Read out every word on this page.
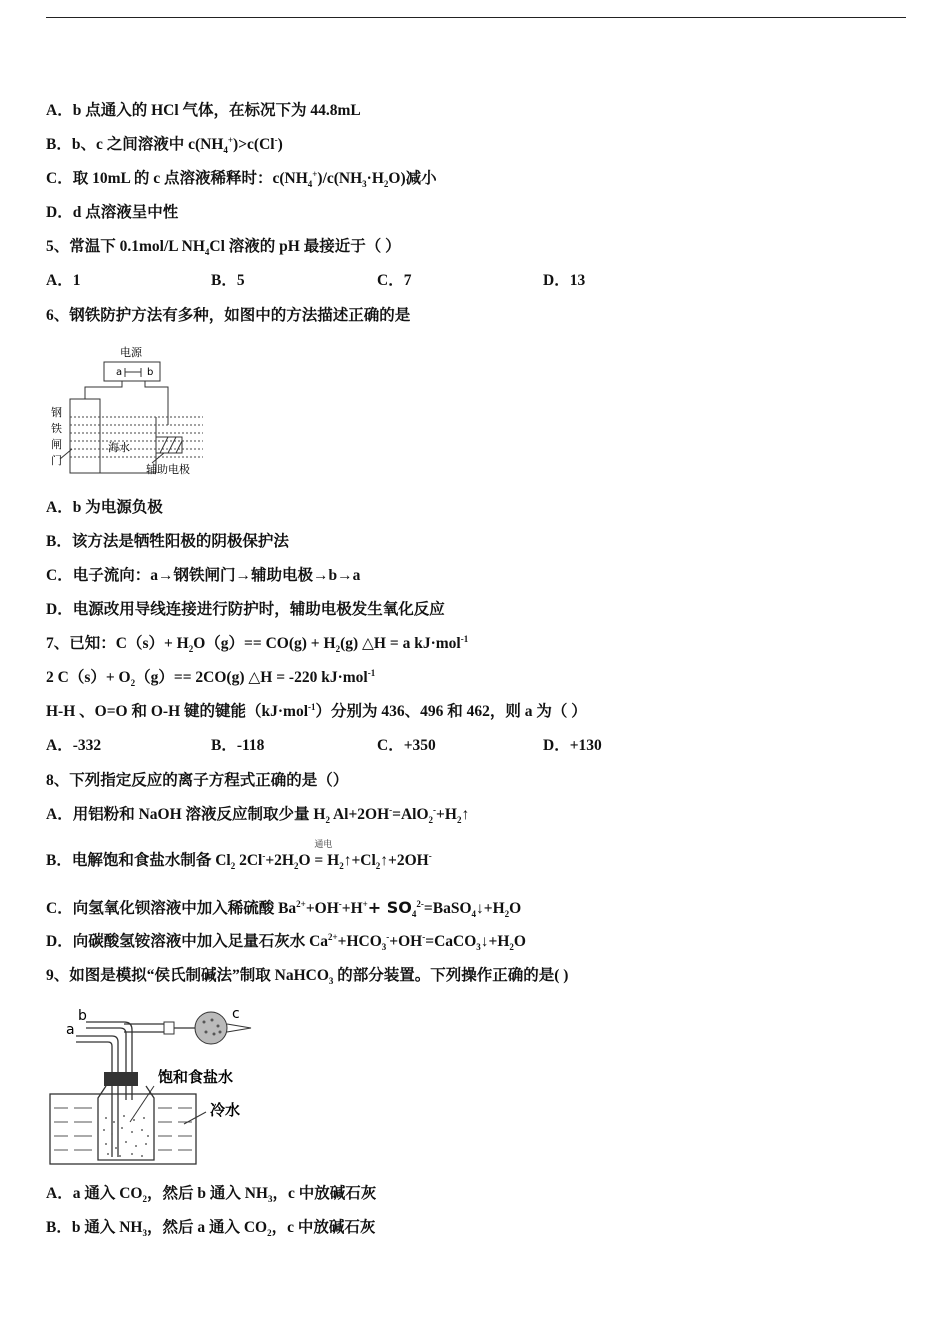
A．b 点通入的 HCl 气体，在标况下为 44.8mL
B．b、c 之间溶液中 $c(NH_4^+)>c(Cl^-)$
C．取 10mL 的 c 点溶液稀释时：$c(NH_4^+)/c(NH_3\cdot H_2O)$减小
D．d 点溶液呈中性
5、常温下 0.1mol/L $NH_4Cl$ 溶液的 pH 最接近于（ ）
A．1	B．5	C．7	D．13
6、钢铁防护方法有多种，如图中的方法描述正确的是
电源
a b
钢
铁
闸
门
海水
辅助电极
A．b 为电源负极
B．该方法是牺牲阳极的阴极保护法
C．电子流向：a→钢铁闸门→辅助电极→b→a
D．电源改用导线连接进行防护时，辅助电极发生氧化反应
7、已知：$C(s)+ H_2O(g)== CO(g) + H_2(g)$ △H = a kJ·mol$^{-1}$
2 $C(s)+ O_2(g)== 2CO(g)$ △H = -220 kJ·mol$^{-1}$
H-H 、O=O 和 O-H 键的键能（kJ·mol$^{-1}$）分别为 436、496 和 462，则 a 为（ ）
A．-332	B．-118	C．+350	D．+130
8、下列指定反应的离子方程式正确的是（）
A．用铝粉和 NaOH 溶液反应制取少量 $H_2$ $Al+2OH^-=AlO_2^-+H_2↑$
B．电解饱和食盐水制备 $Cl_2$ $2Cl^-+2H_2O$
通电
= $H_2↑+Cl_2↑+2OH^-$
C．向氢氧化钡溶液中加入稀硫酸 $Ba^{2+}+OH^-+H^++$ $SO_4^{2-}=BaSO_4↓+H_2O$
D．向碳酸氢铵溶液中加入足量石灰水 $Ca^{2+}+HCO_3^-+OH^-=CaCO_3↓+H_2O$
9、如图是模拟“侯氏制碱法”制取 NaHCO$_3$ 的部分装置。下列操作正确的是( )
b
a
c
饱和食盐水
冷水
A．a 通入 $CO_2$，然后 b 通入 $NH_3$，c 中放碱石灰
B．b 通入 $NH_3$，然后 a 通入 $CO_2$，c 中放碱石灰
